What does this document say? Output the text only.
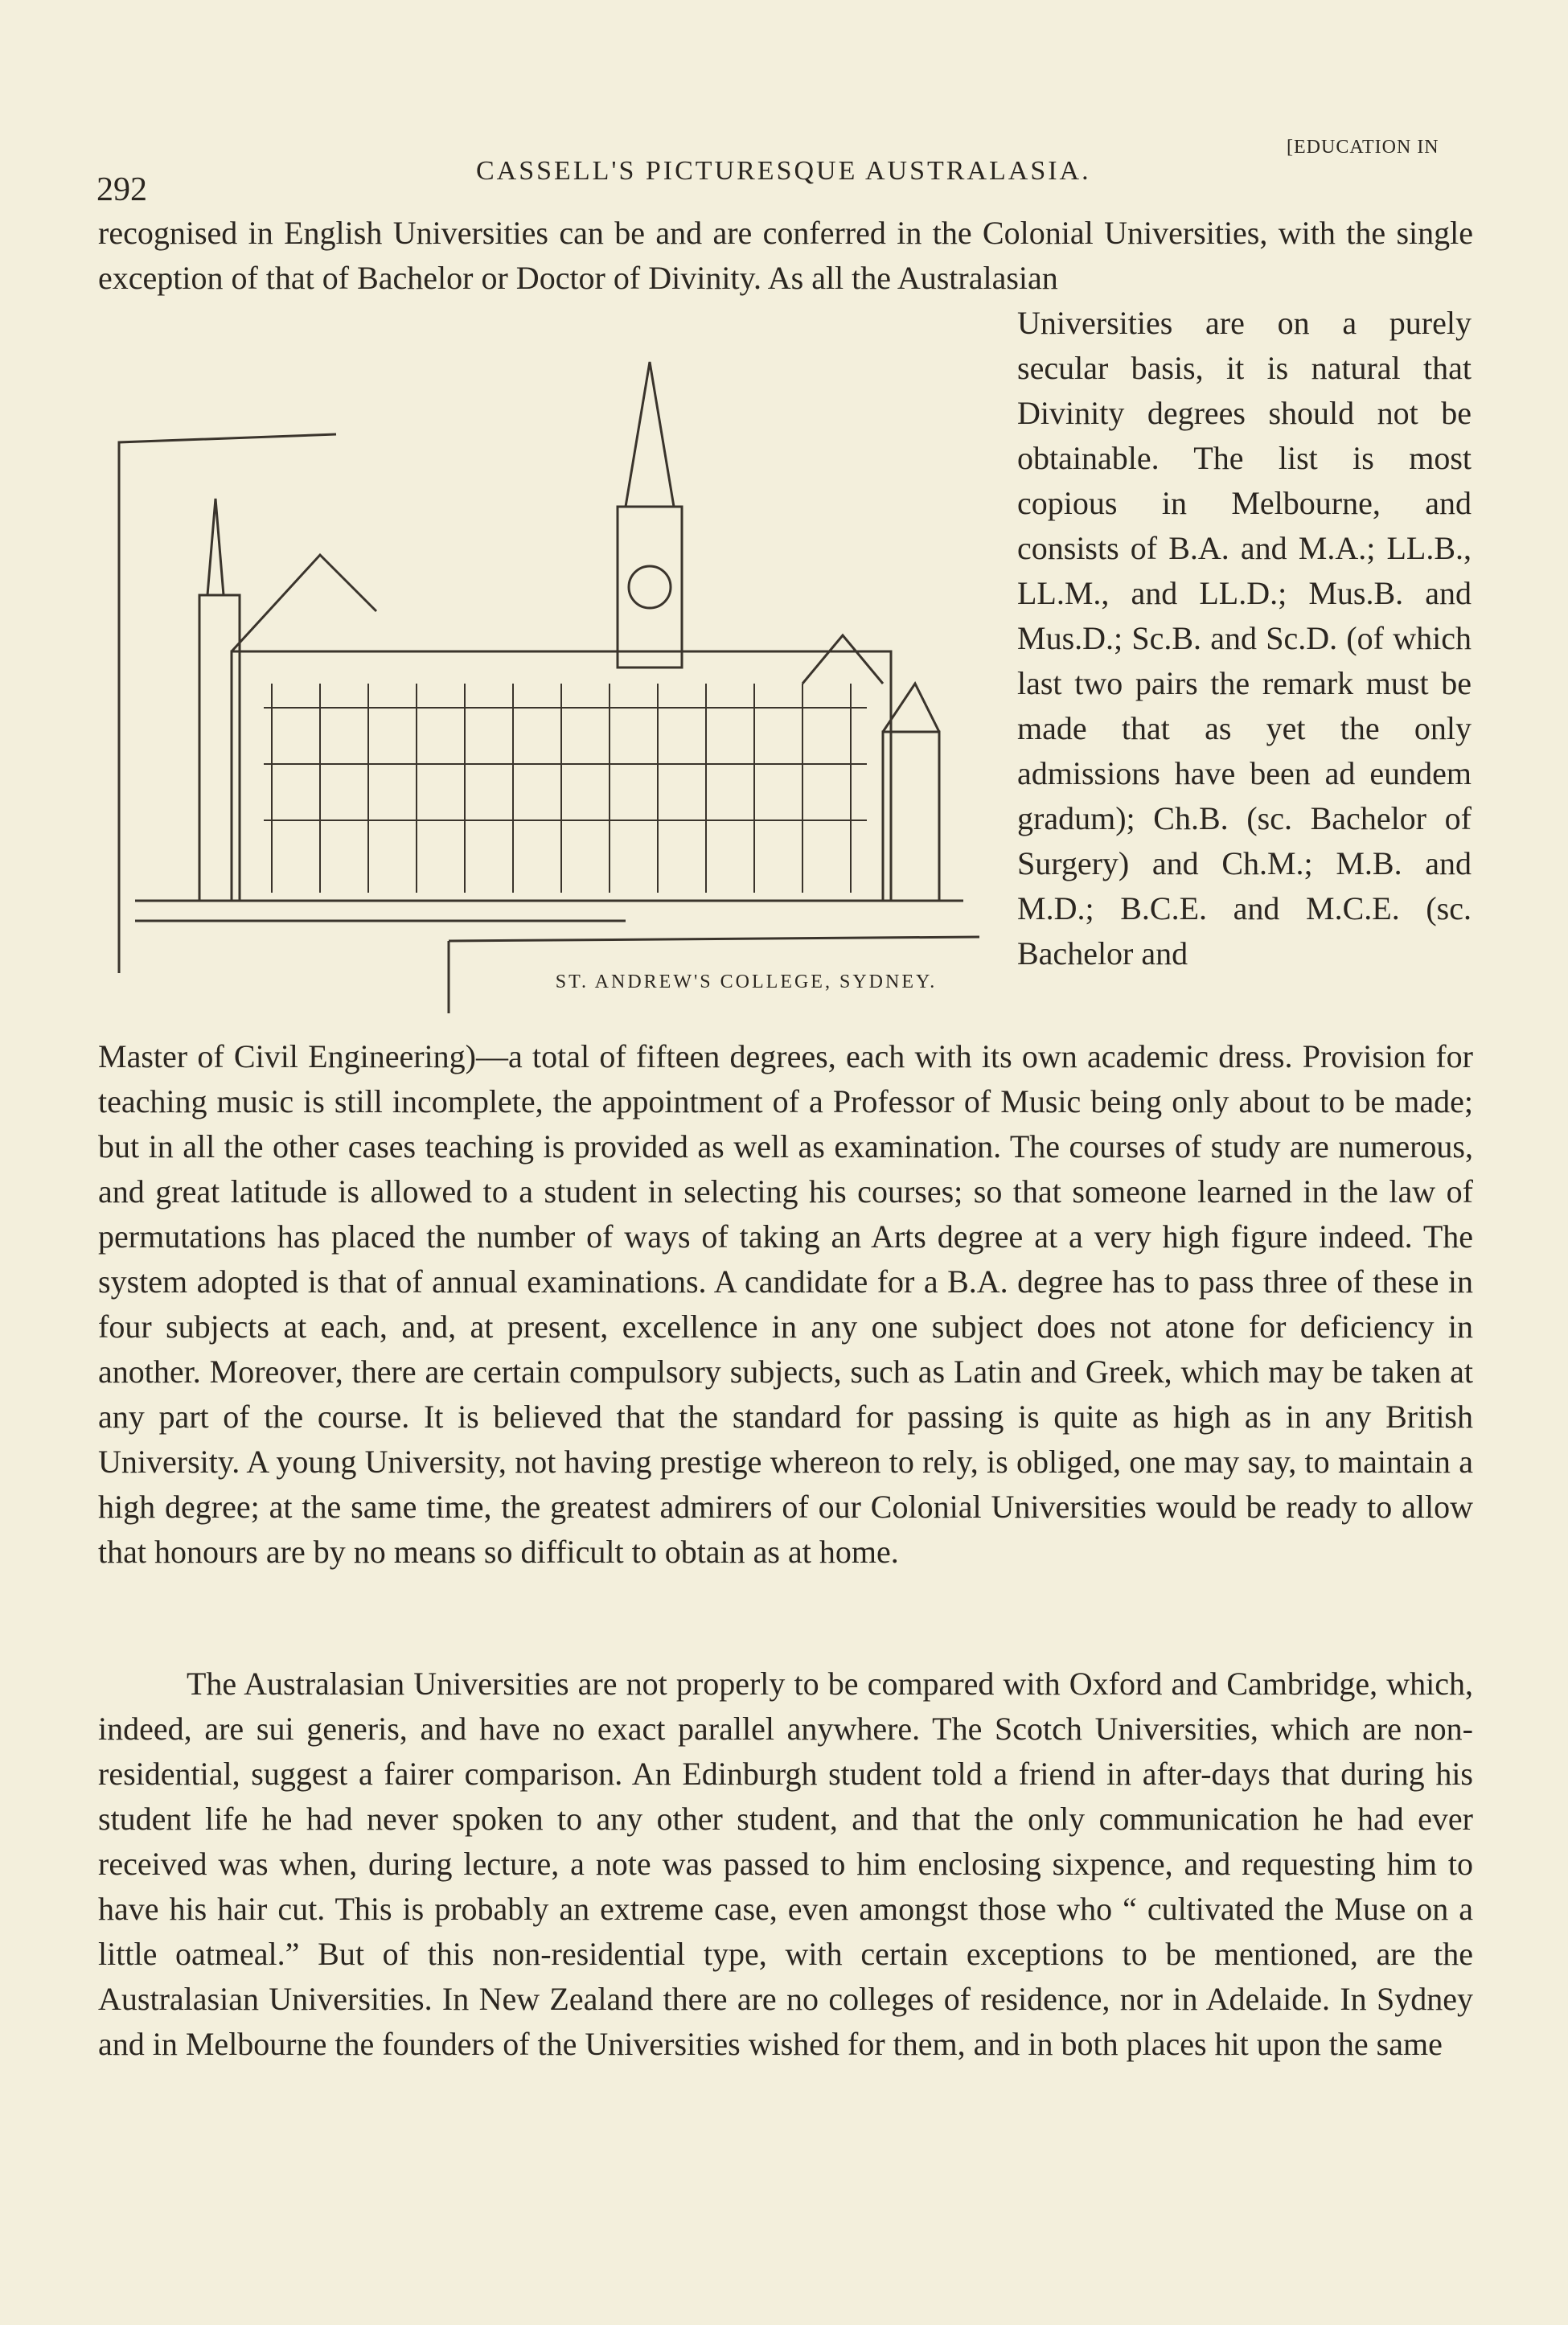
292
CASSELL'S PICTURESQUE AUSTRALASIA.
[EDUCATION IN

recognised in English Universities can be and are conferred in the Colonial Universities, with the single exception of that of Bachelor or Doctor of Divinity. As all the Australasian

Universities are on a purely secular basis, it is natural that Divinity degrees should not be obtainable. The list is most copious in Melbourne, and consists of B.A. and M.A.; LL.B., LL.M., and LL.D.; Mus.B. and Mus.D.; Sc.B. and Sc.D. (of which last two pairs the remark must be made that as yet the only admissions have been ad eundem gradum); Ch.B. (sc. Bachelor of Surgery) and Ch.M.; M.B. and M.D.; B.C.E. and M.C.E. (sc. Bachelor and

ST. ANDREW'S COLLEGE, SYDNEY.

Master of Civil Engineering)—a total of fifteen degrees, each with its own academic dress. Provision for teaching music is still incomplete, the appointment of a Professor of Music being only about to be made; but in all the other cases teaching is provided as well as examination. The courses of study are numerous, and great latitude is allowed to a student in selecting his courses; so that someone learned in the law of permutations has placed the number of ways of taking an Arts degree at a very high figure indeed. The system adopted is that of annual examinations. A candidate for a B.A. degree has to pass three of these in four subjects at each, and, at present, excellence in any one subject does not atone for deficiency in another. Moreover, there are certain compulsory subjects, such as Latin and Greek, which may be taken at any part of the course. It is believed that the standard for passing is quite as high as in any British University. A young University, not having prestige whereon to rely, is obliged, one may say, to maintain a high degree; at the same time, the greatest admirers of our Colonial Universities would be ready to allow that honours are by no means so difficult to obtain as at home.

The Australasian Universities are not properly to be compared with Oxford and Cambridge, which, indeed, are sui generis, and have no exact parallel anywhere. The Scotch Universities, which are non-residential, suggest a fairer comparison. An Edinburgh student told a friend in after-days that during his student life he had never spoken to any other student, and that the only communication he had ever received was when, during lecture, a note was passed to him enclosing sixpence, and requesting him to have his hair cut. This is probably an extreme case, even amongst those who “ cultivated the Muse on a little oatmeal.” But of this non-residential type, with certain exceptions to be mentioned, are the Australasian Universities. In New Zealand there are no colleges of residence, nor in Adelaide. In Sydney and in Melbourne the founders of the Universities wished for them, and in both places hit upon the same
